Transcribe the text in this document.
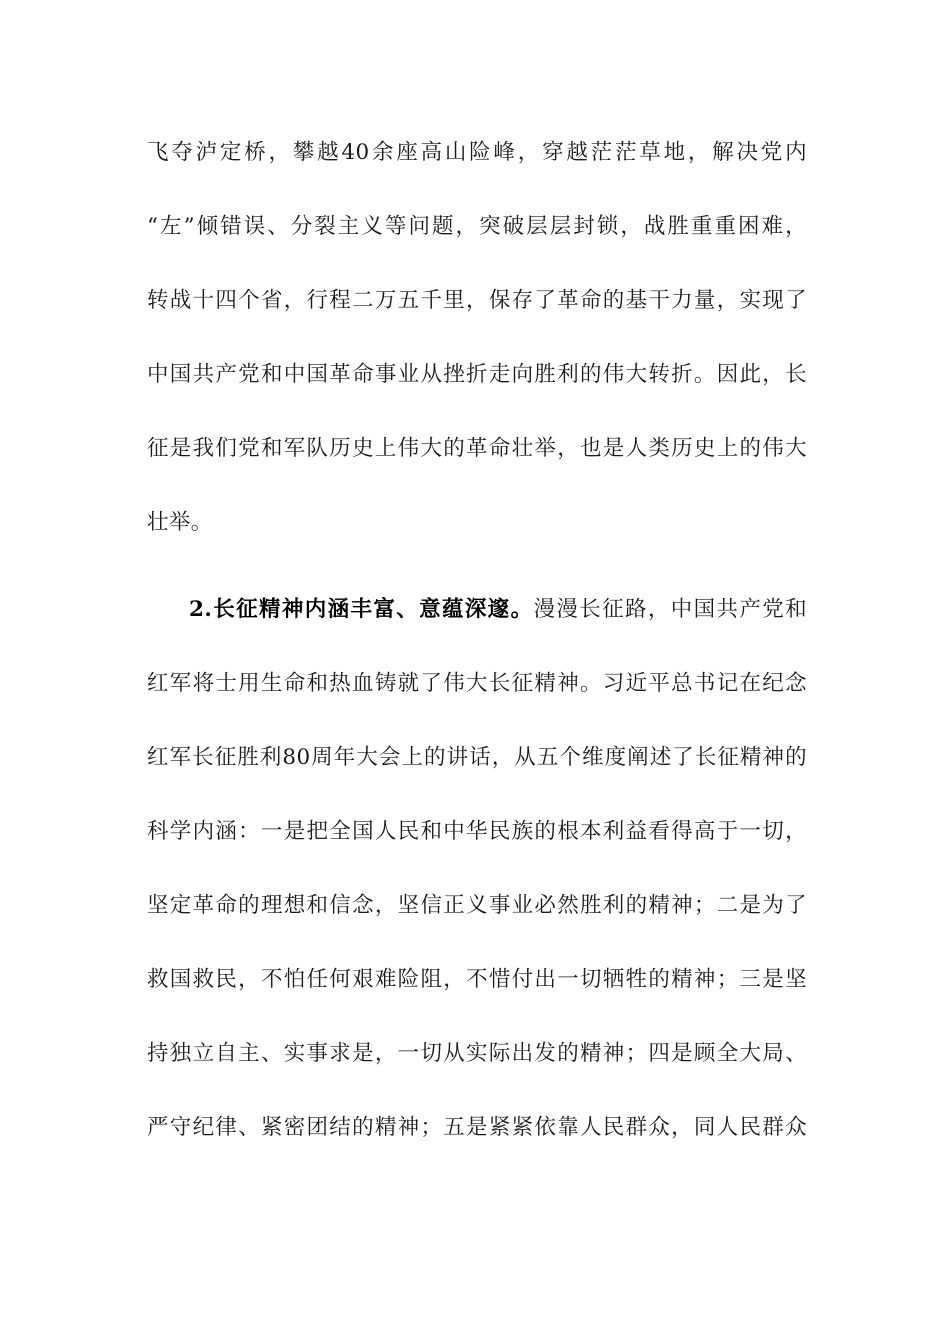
飞夺泸定桥，攀越40余座高山险峰，穿越茫茫草地，解决党内
“左”倾错误、分裂主义等问题，突破层层封锁，战胜重重困难，
转战十四个省，行程二万五千里，保存了革命的基干力量，实现了
中国共产党和中国革命事业从挫折走向胜利的伟大转折。因此，长
征是我们党和军队历史上伟大的革命壮举，也是人类历史上的伟大
壮举。
2.长征精神内涵丰富、意蕴深邃。漫漫长征路，中国共产党和
红军将士用生命和热血铸就了伟大长征精神。习近平总书记在纪念
红军长征胜利80周年大会上的讲话，从五个维度阐述了长征精神的
科学内涵：一是把全国人民和中华民族的根本利益看得高于一切，
坚定革命的理想和信念，坚信正义事业必然胜利的精神；二是为了
救国救民，不怕任何艰难险阻，不惜付出一切牺牲的精神；三是坚
持独立自主、实事求是，一切从实际出发的精神；四是顾全大局、
严守纪律、紧密团结的精神；五是紧紧依靠人民群众，同人民群众
